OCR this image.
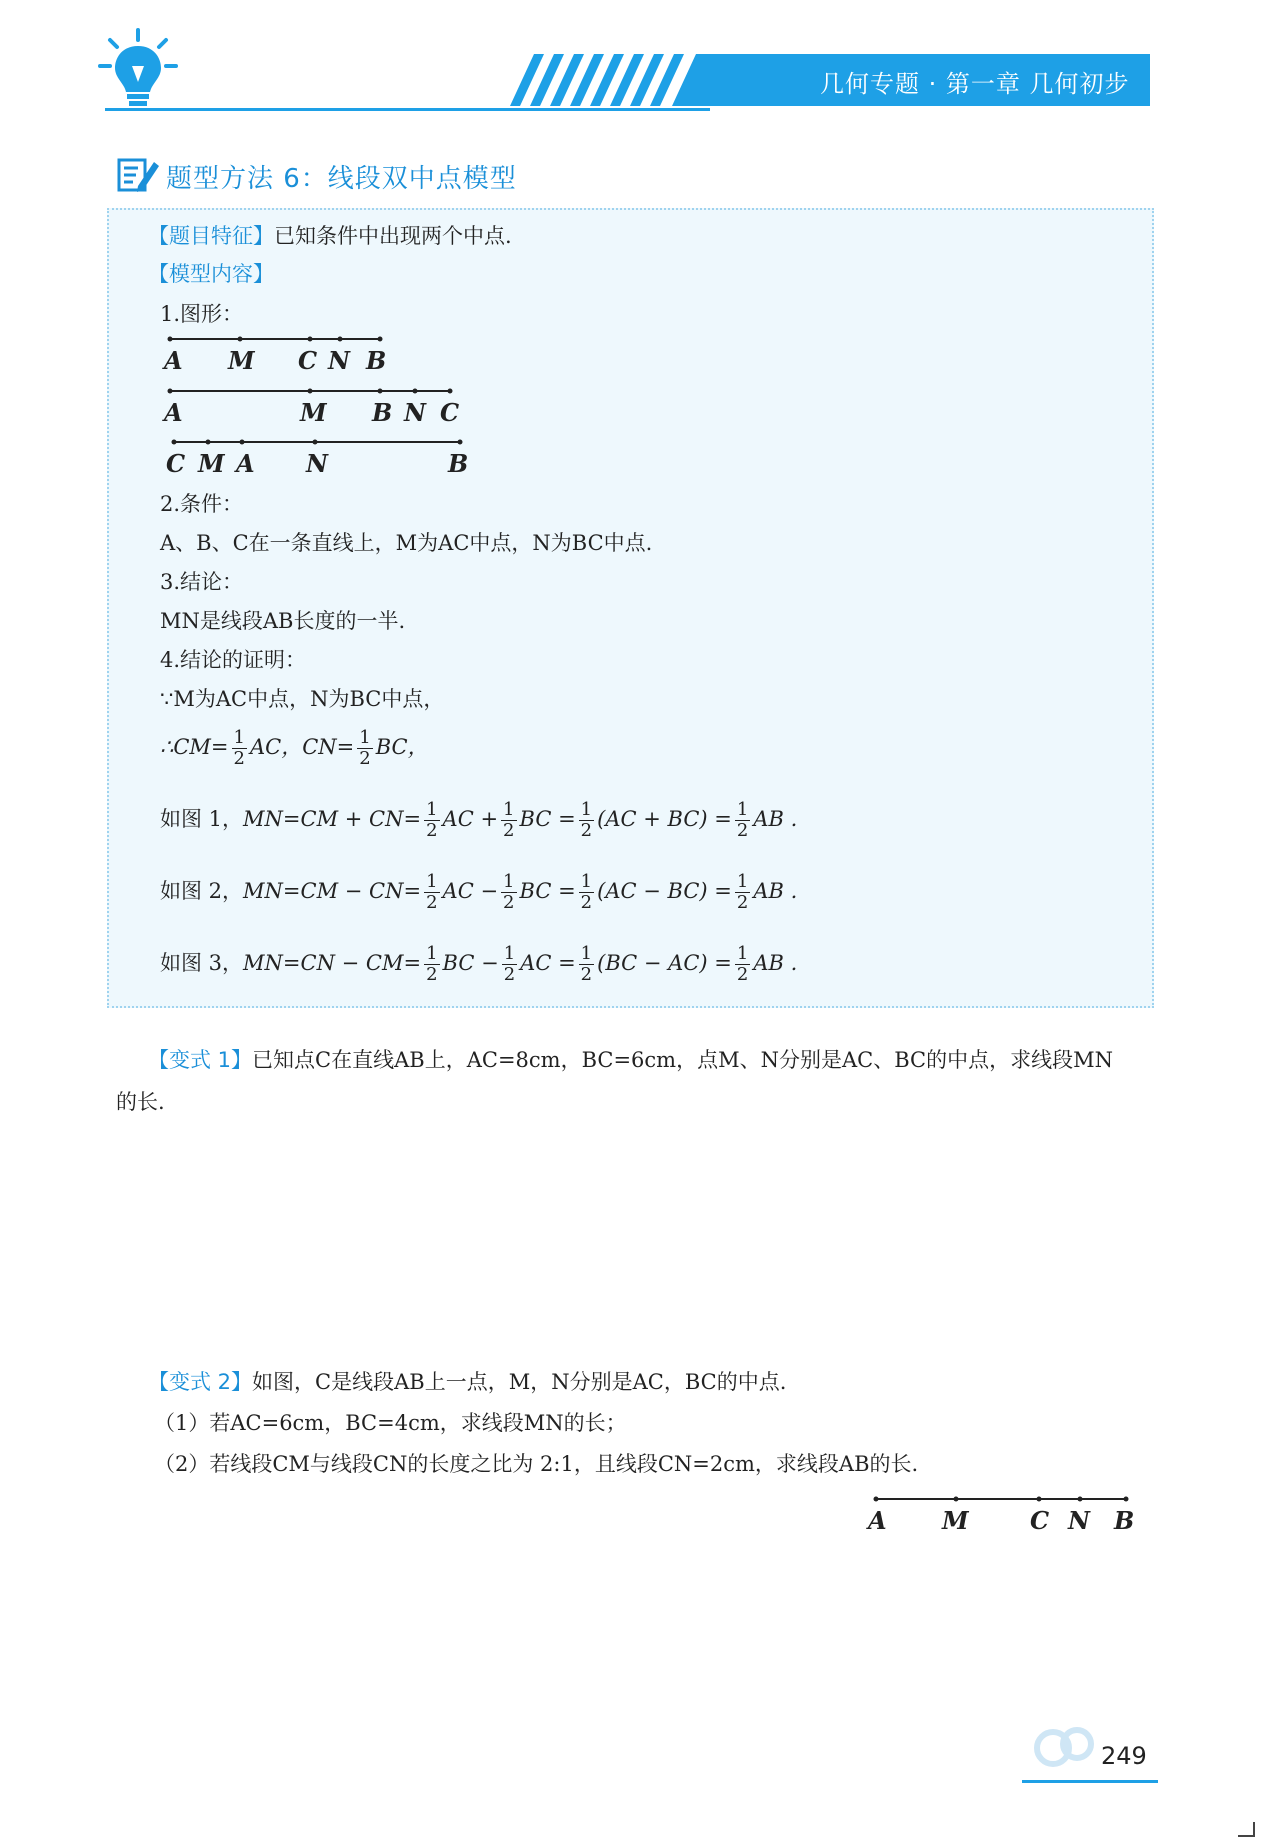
几何专题 · 第一章 几何初步
题型方法 6：线段双中点模型
【题目特征】已知条件中出现两个中点.
【模型内容】
1.图形：
A M C N B
A	M B N C
C M A N	B
2.条件：
A、B、C在一条直线上，M为AC中点，N为BC中点.
3.结论：
MN是线段AB长度的一半.
4.结论的证明：
∵M为AC中点，N为BC中点，
∴CM= $\frac{1}{2}$ AC，$CN= \frac{1}{2}$ BC，
如图 1，$MN=CM + CN= \frac{1}{2}$ AC + $\frac{1}{2}$ BC = $\frac{1}{2} (AC + BC) = \frac{1}{2}$ AB .
如图 2，$MN=CM - CN= \frac{1}{2}$ AC − $\frac{1}{2}$ BC = $\frac{1}{2} (AC - BC) = \frac{1}{2}$ AB .
如图 3，$MN=CN - CM= \frac{1}{2}$ BC − $\frac{1}{2}$ AC = $\frac{1}{2} (BC - AC) = \frac{1}{2}$ AB .
【变式 1】已知点C在直线AB上，AC=8cm，BC=6cm，点M、N分别是AC、BC的中点，求线段MN
的长.
【变式 2】如图，C是线段AB上一点，M，N分别是AC，BC的中点.
（1）若AC=6cm，BC=4cm，求线段MN的长；
（2）若线段CM与线段CN的长度之比为 2:1，且线段CN=2cm，求线段AB的长.
A M	C N B
249
